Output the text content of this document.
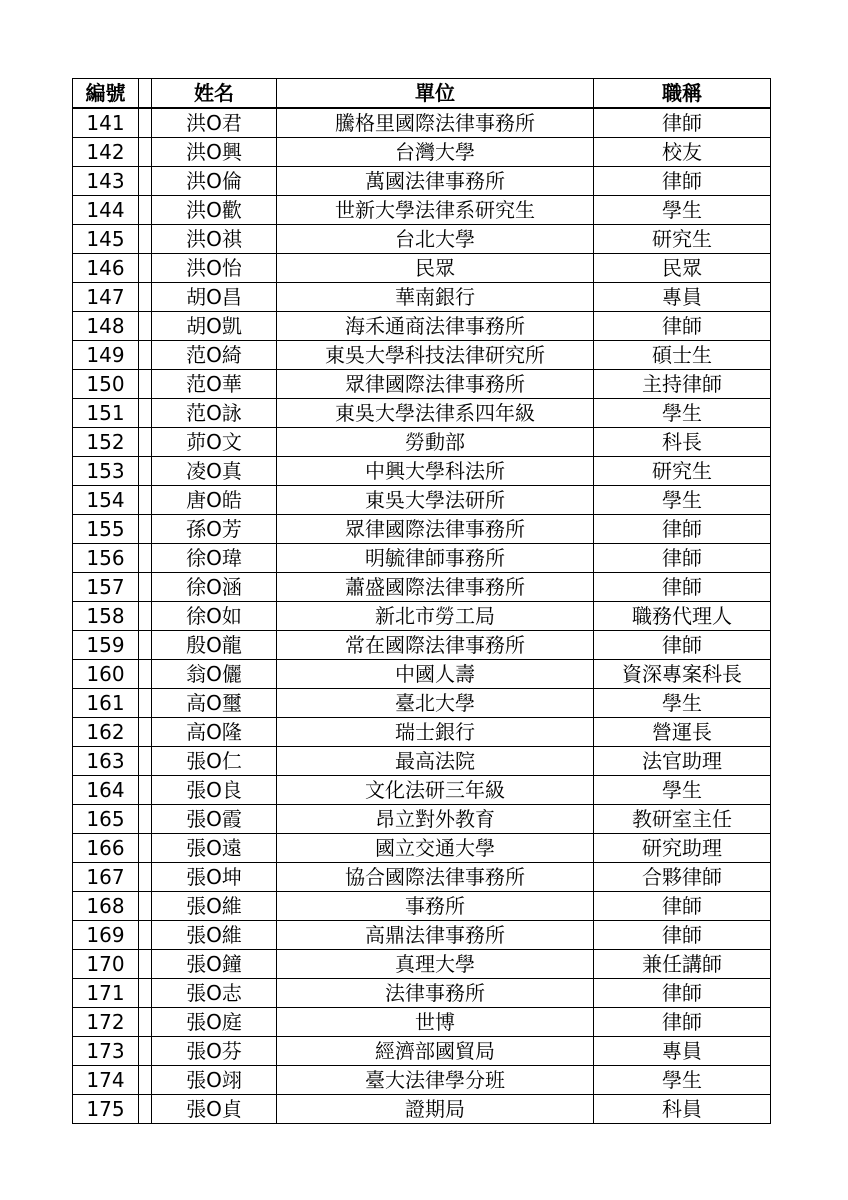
編號		姓名	單位	職稱
141		洪O君	騰格里國際法律事務所	律師
142		洪O興	台灣大學	校友
143		洪O倫	萬國法律事務所	律師
144		洪O歡	世新大學法律系研究生	學生
145		洪O祺	台北大學	研究生
146		洪O怡	民眾	民眾
147		胡O昌	華南銀行	專員
148		胡O凱	海禾通商法律事務所	律師
149		范O綺	東吳大學科技法律研究所	碩士生
150		范O華	眾律國際法律事務所	主持律師
151		范O詠	東吳大學法律系四年級	學生
152		茆O文	勞動部	科長
153		凌O真	中興大學科法所	研究生
154		唐O皓	東吳大學法研所	學生
155		孫O芳	眾律國際法律事務所	律師
156		徐O瑋	明毓律師事務所	律師
157		徐O涵	蕭盛國際法律事務所	律師
158		徐O如	新北市勞工局	職務代理人
159		殷O龍	常在國際法律事務所	律師
160		翁O儷	中國人壽	資深專案科長
161		高O璽	臺北大學	學生
162		高O隆	瑞士銀行	營運長
163		張O仁	最高法院	法官助理
164		張O良	文化法研三年級	學生
165		張O霞	昂立對外教育	教研室主任
166		張O遠	國立交通大學	研究助理
167		張O坤	協合國際法律事務所	合夥律師
168		張O維	事務所	律師
169		張O維	高鼎法律事務所	律師
170		張O鐘	真理大學	兼任講師
171		張O志	法律事務所	律師
172		張O庭	世博	律師
173		張O芬	經濟部國貿局	專員
174		張O翊	臺大法律學分班	學生
175		張O貞	證期局	科員
